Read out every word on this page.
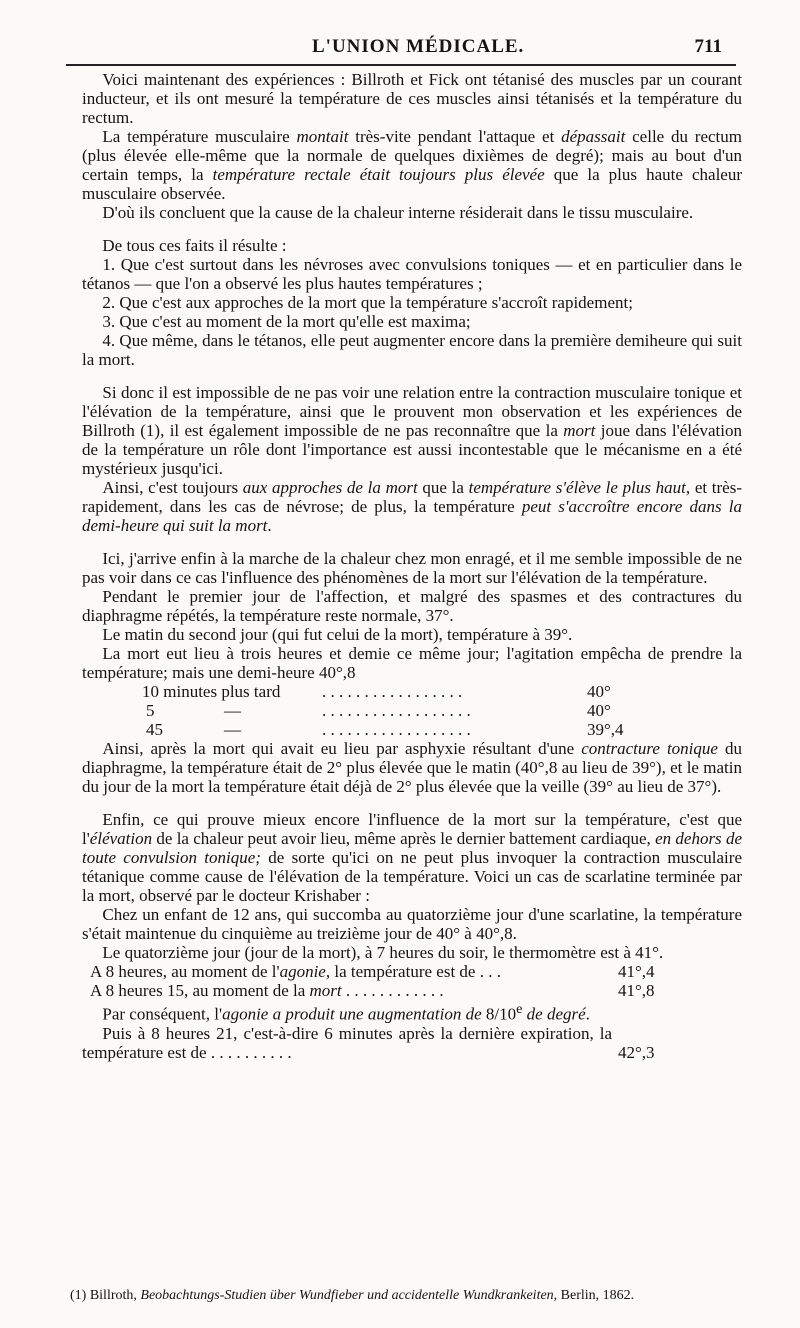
L'UNION MÉDICALE.	711

Voici maintenant des expériences : Billroth et Fick ont tétanisé des muscles par un courant inducteur, et ils ont mesuré la température de ces muscles ainsi tétanisés et la température du rectum.

La température musculaire montait très-vite pendant l'attaque et dépassait celle du rectum (plus élevée elle-même que la normale de quelques dixièmes de degré); mais au bout d'un certain temps, la température rectale était toujours plus élevée que la plus haute chaleur musculaire observée.

D'où ils concluent que la cause de la chaleur interne résiderait dans le tissu musculaire.

De tous ces faits il résulte :

1. Que c'est surtout dans les névroses avec convulsions toniques — et en particulier dans le tétanos — que l'on a observé les plus hautes températures ;

2. Que c'est aux approches de la mort que la température s'accroît rapidement;

3. Que c'est au moment de la mort qu'elle est maxima;

4. Que même, dans le tétanos, elle peut augmenter encore dans la première demiheure qui suit la mort.

Si donc il est impossible de ne pas voir une relation entre la contraction musculaire tonique et l'élévation de la température, ainsi que le prouvent mon observation et les expériences de Billroth (1), il est également impossible de ne pas reconnaître que la mort joue dans l'élévation de la température un rôle dont l'importance est aussi incontestable que le mécanisme en a été mystérieux jusqu'ici.

Ainsi, c'est toujours aux approches de la mort que la température s'élève le plus haut, et très-rapidement, dans les cas de névrose; de plus, la température peut s'accroître encore dans la demi-heure qui suit la mort.

Ici, j'arrive enfin à la marche de la chaleur chez mon enragé, et il me semble impossible de ne pas voir dans ce cas l'influence des phénomènes de la mort sur l'élévation de la température.

Pendant le premier jour de l'affection, et malgré des spasmes et des contractures du diaphragme répétés, la température reste normale, 37°.

Le matin du second jour (qui fut celui de la mort), température à 39°.

La mort eut lieu à trois heures et demie ce même jour; l'agitation empêcha de prendre la température; mais une demi-heure 40°,8

10 minutes plus tard . . . . . . . . . . . . . . . . .	40°
5	—	. . . . . . . . . . . . . . . . . .	40°
45	—	. . . . . . . . . . . . . . . . . .	39°,4

Ainsi, après la mort qui avait eu lieu par asphyxie résultant d'une contracture tonique du diaphragme, la température était de 2° plus élevée que le matin (40°,8 au lieu de 39°), et le matin du jour de la mort la température était déjà de 2° plus élevée que la veille (39° au lieu de 37°).

Enfin, ce qui prouve mieux encore l'influence de la mort sur la température, c'est que l'élévation de la chaleur peut avoir lieu, même après le dernier battement cardiaque, en dehors de toute convulsion tonique; de sorte qu'ici on ne peut plus invoquer la contraction musculaire tétanique comme cause de l'élévation de la température. Voici un cas de scarlatine terminée par la mort, observé par le docteur Krishaber :

Chez un enfant de 12 ans, qui succomba au quatorzième jour d'une scarlatine, la température s'était maintenue du cinquième au treizième jour de 40° à 40°,8.

Le quatorzième jour (jour de la mort), à 7 heures du soir, le thermomètre est à 41°.

A 8 heures, au moment de l'agonie, la température est de . . .	41°,4
A 8 heures 15, au moment de la mort . . . . . . . . . . . .	41°,8

Par conséquent, l'agonie a produit une augmentation de 8/10e de degré.

Puis à 8 heures 21, c'est-à-dire 6 minutes après la dernière expiration, la température est de . . . . . . . . . .	42°,3
(1) Billroth, Beobachtungs-Studien über Wundfieber und accidentelle Wundkrankeiten, Berlin, 1862.
